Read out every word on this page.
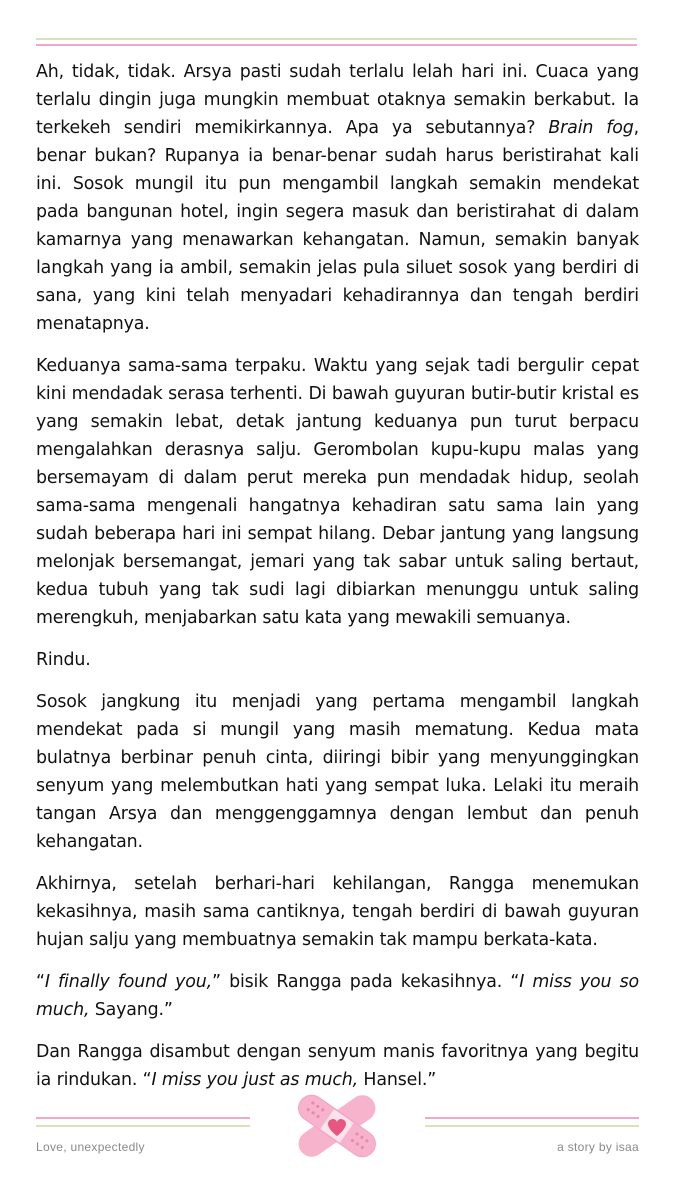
Ah, tidak, tidak. Arsya pasti sudah terlalu lelah hari ini. Cuaca yang terlalu dingin juga mungkin membuat otaknya semakin berkabut. Ia terkekeh sendiri memikirkannya. Apa ya sebutannya? Brain fog, benar bukan? Rupanya ia benar-benar sudah harus beristirahat kali ini. Sosok mungil itu pun mengambil langkah semakin mendekat pada bangunan hotel, ingin segera masuk dan beristirahat di dalam kamarnya yang menawarkan kehangatan. Namun, semakin banyak langkah yang ia ambil, semakin jelas pula siluet sosok yang berdiri di sana, yang kini telah menyadari kehadirannya dan tengah berdiri menatapnya.

Keduanya sama-sama terpaku. Waktu yang sejak tadi bergulir cepat kini mendadak serasa terhenti. Di bawah guyuran butir-butir kristal es yang semakin lebat, detak jantung keduanya pun turut berpacu mengalahkan derasnya salju. Gerombolan kupu-kupu malas yang bersemayam di dalam perut mereka pun mendadak hidup, seolah sama-sama mengenali hangatnya kehadiran satu sama lain yang sudah beberapa hari ini sempat hilang. Debar jantung yang langsung melonjak bersemangat, jemari yang tak sabar untuk saling bertaut, kedua tubuh yang tak sudi lagi dibiarkan menunggu untuk saling merengkuh, menjabarkan satu kata yang mewakili semuanya.

Rindu.

Sosok jangkung itu menjadi yang pertama mengambil langkah mendekat pada si mungil yang masih mematung. Kedua mata bulatnya berbinar penuh cinta, diiringi bibir yang menyunggingkan senyum yang melembutkan hati yang sempat luka. Lelaki itu meraih tangan Arsya dan menggenggamnya dengan lembut dan penuh kehangatan.

Akhirnya, setelah berhari-hari kehilangan, Rangga menemukan kekasihnya, masih sama cantiknya, tengah berdiri di bawah guyuran hujan salju yang membuatnya semakin tak mampu berkata-kata.

“I finally found you,” bisik Rangga pada kekasihnya. “I miss you so much, Sayang.”

Dan Rangga disambut dengan senyum manis favoritnya yang begitu ia rindukan. “I miss you just as much, Hansel.”

Love, unexpectedly	a story by isaa
